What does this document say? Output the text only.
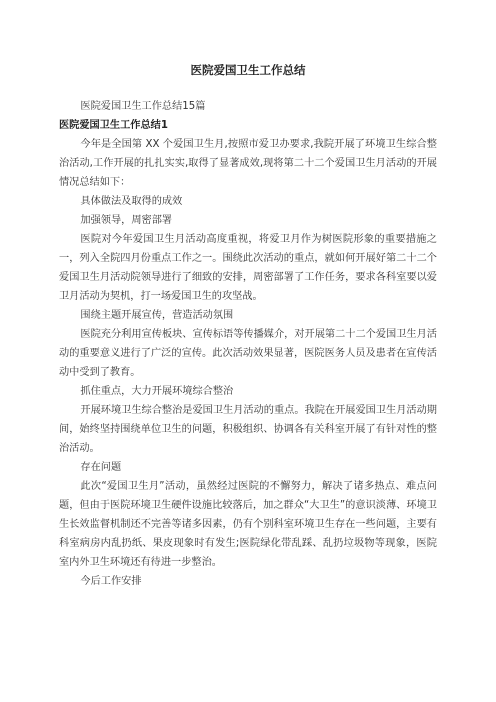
医院爱国卫生工作总结

医院爱国卫生工作总结15篇

医院爱国卫生工作总结1

今年是全国第 XX 个爱国卫生月,按照市爱卫办要求,我院开展了环境卫生综合整治活动,工作开展的扎扎实实,取得了显著成效,现将第二十二个爱国卫生月活动的开展情况总结如下：

具体做法及取得的成效

加强领导，周密部署

医院对今年爱国卫生月活动高度重视，将爱卫月作为树医院形象的重要措施之一，列入全院四月份重点工作之一。围绕此次活动的重点，就如何开展好第二十二个爱国卫生月活动院领导进行了细致的安排，周密部署了工作任务，要求各科室要以爱卫月活动为契机，打一场爱国卫生的攻坚战。

围绕主题开展宣传，营造活动氛围

医院充分利用宣传板块、宣传标语等传播媒介，对开展第二十二个爱国卫生月活动的重要意义进行了广泛的宣传。此次活动效果显著，医院医务人员及患者在宣传活动中受到了教育。

抓住重点，大力开展环境综合整治

开展环境卫生综合整治是爱国卫生月活动的重点。我院在开展爱国卫生月活动期间，始终坚持围绕单位卫生的问题，积极组织、协调各有关科室开展了有针对性的整治活动。

存在问题

此次“爱国卫生月”活动，虽然经过医院的不懈努力，解决了诸多热点、难点问题，但由于医院环境卫生硬件设施比较落后，加之群众“大卫生”的意识淡薄、环境卫生长效监督机制还不完善等诸多因素，仍有个别科室环境卫生存在一些问题，主要有科室病房内乱扔纸、果皮现象时有发生;医院绿化带乱踩、乱扔垃圾物等现象，医院室内外卫生环境还有待进一步整治。

今后工作安排
